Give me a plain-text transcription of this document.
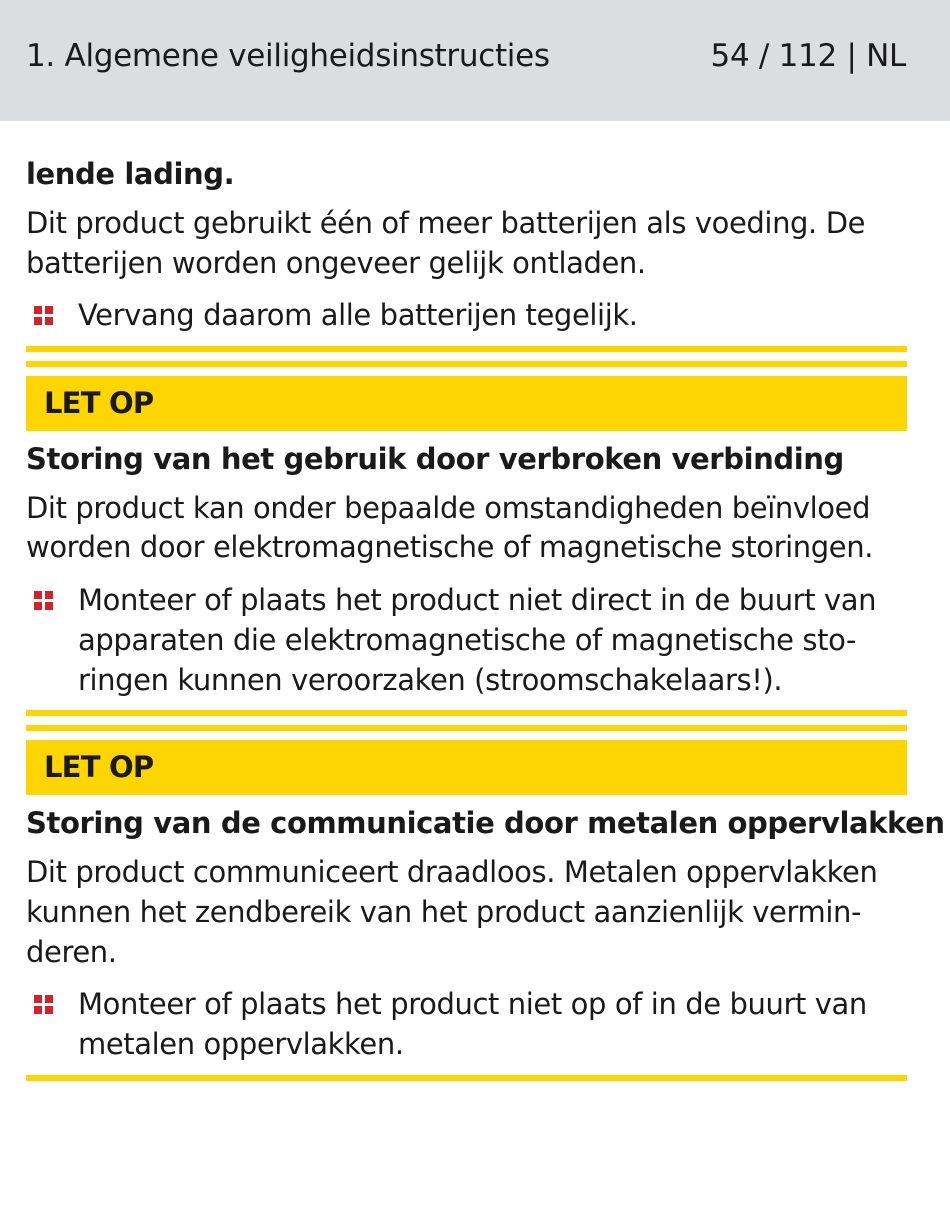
1. Algemene veiligheidsinstructies	54 / 112 | NL
lende lading.
Dit product gebruikt één of meer batterijen als voeding. De
batterijen worden ongeveer gelijk ontladen.
Vervang daarom alle batterijen tegelijk.
LET OP
Storing van het gebruik door verbroken verbinding
Dit product kan onder bepaalde omstandigheden beïnvloed
worden door elektromagnetische of magnetische storingen.
Monteer of plaats het product niet direct in de buurt van
apparaten die elektromagnetische of magnetische sto-
ringen kunnen veroorzaken (stroomschakelaars!).
LET OP
Storing van de communicatie door metalen oppervlakken
Dit product communiceert draadloos. Metalen oppervlakken
kunnen het zendbereik van het product aanzienlijk vermin-
deren.
Monteer of plaats het product niet op of in de buurt van
metalen oppervlakken.
